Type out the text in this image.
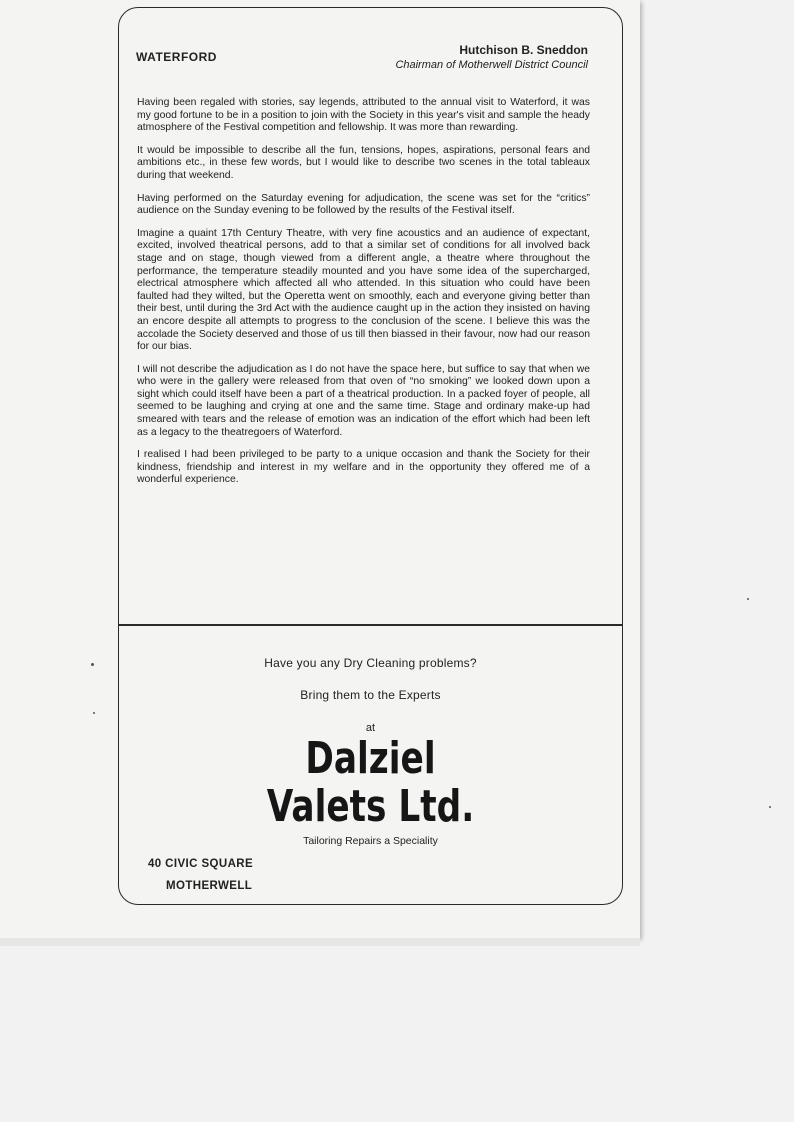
WATERFORD	Hutchison B. Sneddon
Chairman of Motherwell District Council

Having been regaled with stories, say legends, attributed to the annual visit to Waterford, it was my good fortune to be in a position to join with the Society in this year's visit and sample the heady atmosphere of the Festival competition and fellowship. It was more than rewarding.

It would be impossible to describe all the fun, tensions, hopes, aspirations, personal fears and ambitions etc., in these few words, but I would like to describe two scenes in the total tableaux during that weekend.

Having performed on the Saturday evening for adjudication, the scene was set for the “critics” audience on the Sunday evening to be followed by the results of the Festival itself.

Imagine a quaint 17th Century Theatre, with very fine acoustics and an audience of expectant, excited, involved theatrical persons, add to that a similar set of conditions for all involved back stage and on stage, though viewed from a different angle, a theatre where throughout the performance, the temperature steadily mounted and you have some idea of the supercharged, electrical atmosphere which affected all who attended. In this situation who could have been faulted had they wilted, but the Operetta went on smoothly, each and everyone giving better than their best, until during the 3rd Act with the audience caught up in the action they insisted on having an encore despite all attempts to progress to the conclusion of the scene. I believe this was the accolade the Society deserved and those of us till then biassed in their favour, now had our reason for our bias.

I will not describe the adjudication as I do not have the space here, but suffice to say that when we who were in the gallery were released from that oven of “no smoking” we looked down upon a sight which could itself have been a part of a theatrical production. In a packed foyer of people, all seemed to be laughing and crying at one and the same time. Stage and ordinary make-up had smeared with tears and the release of emotion was an indication of the effort which had been left as a legacy to the theatregoers of Waterford.

I realised I had been privileged to be party to a unique occasion and thank the Society for their kindness, friendship and interest in my welfare and in the opportunity they offered me of a wonderful experience.

Have you any Dry Cleaning problems?
Bring them to the Experts
at
Dalziel
Valets Ltd.
Tailoring Repairs a Speciality
40 CIVIC SQUARE
MOTHERWELL
